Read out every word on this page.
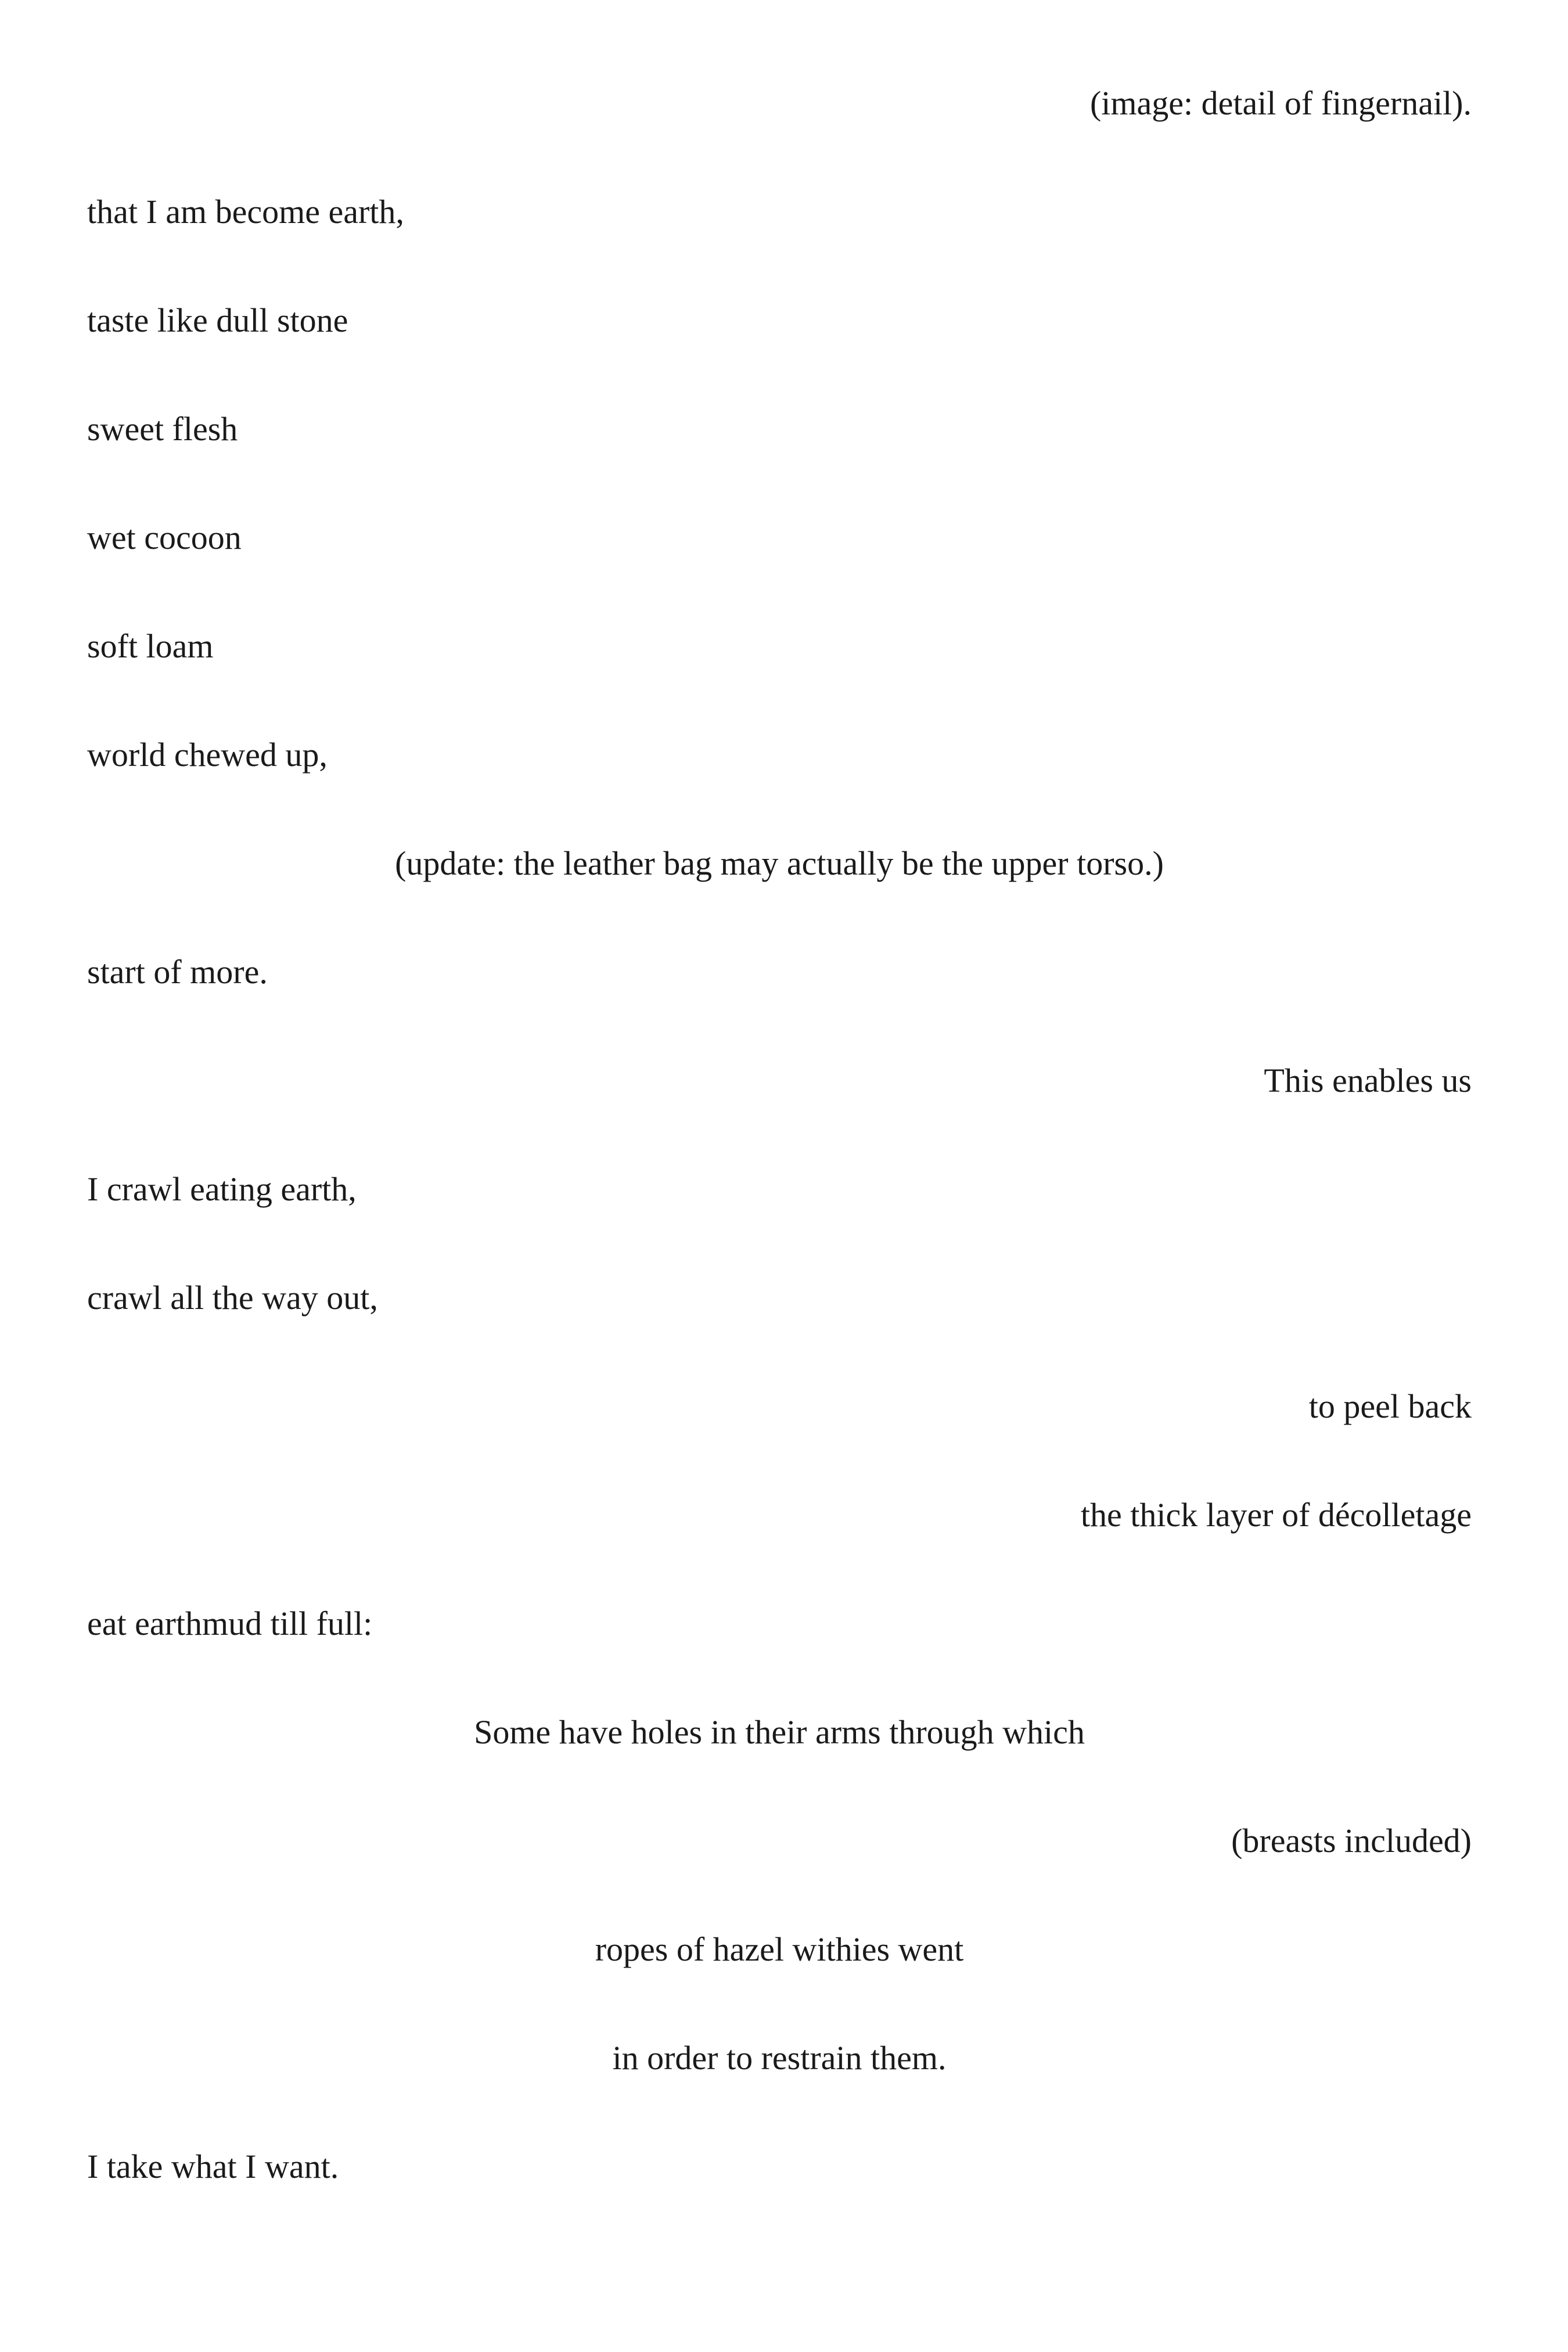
(image: detail of fingernail).

that I am become earth,

taste like dull stone

sweet flesh

wet cocoon

soft loam

world chewed up,

(update: the leather bag may actually be the upper torso.)

start of more.

This enables us

I crawl eating earth,

crawl all the way out,

to peel back

the thick layer of décolletage

eat earthmud till full:

Some have holes in their arms through which

(breasts included)

ropes of hazel withies went

in order to restrain them.

I take what I want.
